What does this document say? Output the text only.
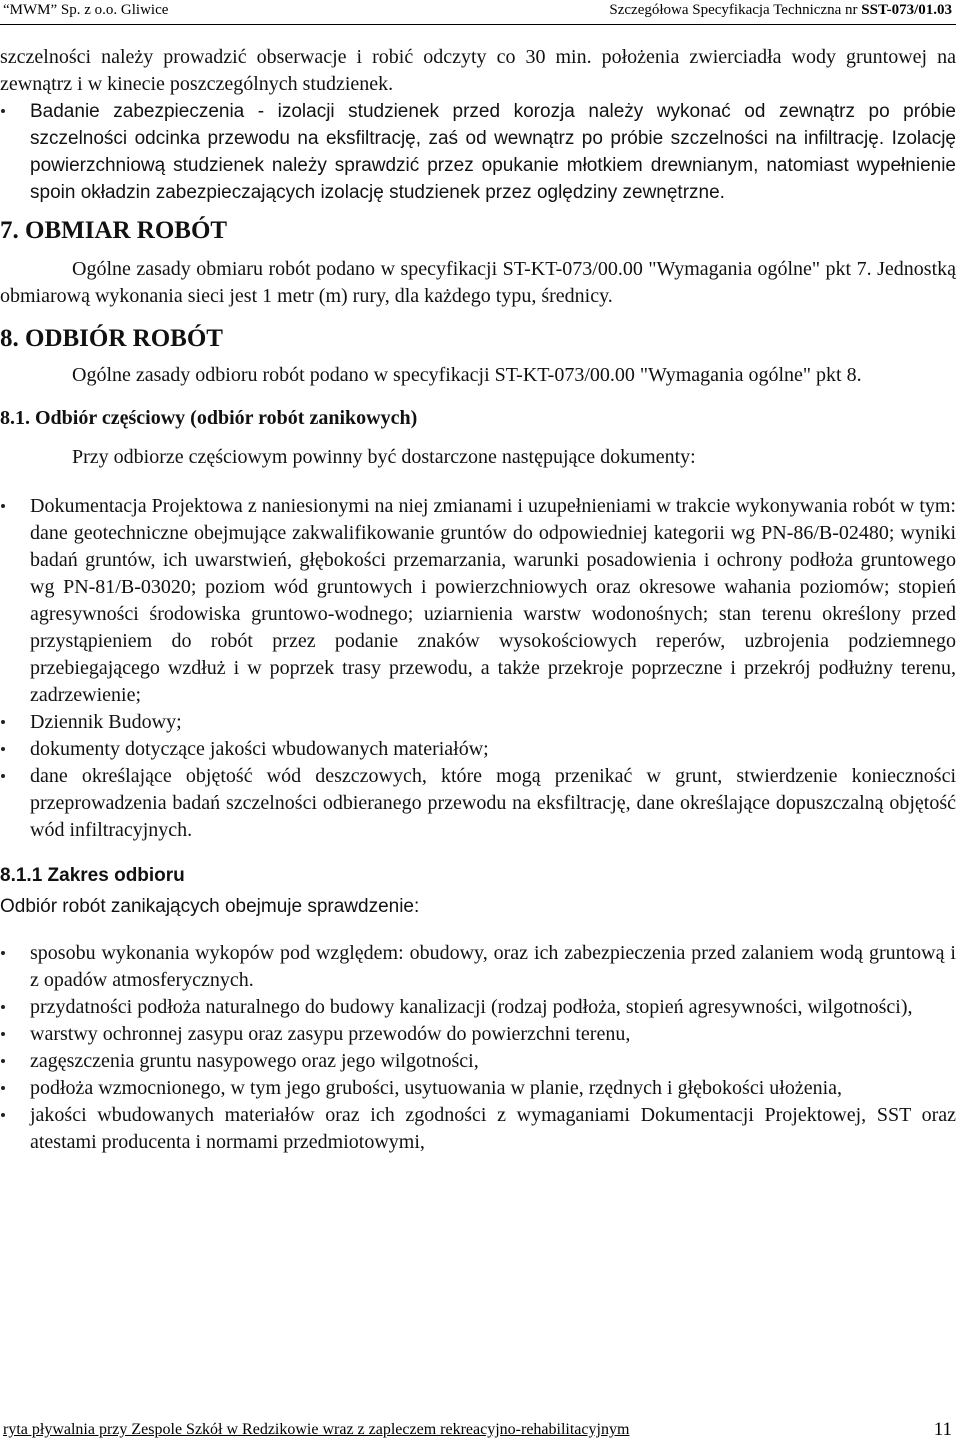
“MWM” Sp. z o.o. Gliwice	Szczegółowa Specyfikacja Techniczna nr SST-073/01.03

szczelności należy prowadzić obserwacje i robić odczyty co 30 min. położenia zwierciadła wody gruntowej na zewnątrz i w kinecie poszczególnych studzienek.

Badanie zabezpieczenia - izolacji studzienek przed korozja należy wykonać od zewnątrz po próbie szczelności odcinka przewodu na eksfiltrację, zaś od wewnątrz po próbie szczelności na infiltrację. Izolację powierzchniową studzienek należy sprawdzić przez opukanie młotkiem drewnianym, natomiast wypełnienie spoin okładzin zabezpieczających izolację studzienek przez oględziny zewnętrzne.

7. OBMIAR ROBÓT

Ogólne zasady obmiaru robót podano w specyfikacji ST-KT-073/00.00 "Wymagania ogólne" pkt 7. Jednostką obmiarową wykonania sieci jest 1 metr (m) rury, dla każdego typu, średnicy.

8. ODBIÓR ROBÓT

Ogólne zasady odbioru robót podano w specyfikacji ST-KT-073/00.00 "Wymagania ogólne" pkt 8.

8.1. Odbiór częściowy (odbiór robót zanikowych)

Przy odbiorze częściowym powinny być dostarczone następujące dokumenty:

Dokumentacja Projektowa z naniesionymi na niej zmianami i uzupełnieniami w trakcie wykonywania robót w tym: dane geotechniczne obejmujące zakwalifikowanie gruntów do odpowiedniej kategorii wg PN-86/B-02480; wyniki badań gruntów, ich uwarstwień, głębokości przemarzania, warunki posadowienia i ochrony podłoża gruntowego wg PN-81/B-03020; poziom wód gruntowych i powierzchniowych oraz okresowe wahania poziomów; stopień agresywności środowiska gruntowo-wodnego; uziarnienia warstw wodonośnych; stan terenu określony przed przystąpieniem do robót przez podanie znaków wysokościowych reperów, uzbrojenia podziemnego przebiegającego wzdłuż i w poprzek trasy przewodu, a także przekroje poprzeczne i przekrój podłużny terenu, zadrzewienie;

Dziennik Budowy;

dokumenty dotyczące jakości wbudowanych materiałów;

dane określające objętość wód deszczowych, które mogą przenikać w grunt, stwierdzenie konieczności przeprowadzenia badań szczelności odbieranego przewodu na eksfiltrację, dane określające dopuszczalną objętość wód infiltracyjnych.

8.1.1 Zakres odbioru

Odbiór robót zanikających obejmuje sprawdzenie:

sposobu wykonania wykopów pod względem: obudowy, oraz ich zabezpieczenia przed zalaniem wodą gruntową i z opadów atmosferycznych.

przydatności podłoża naturalnego do budowy kanalizacji (rodzaj podłoża, stopień agresywności, wilgotności),

warstwy ochronnej zasypu oraz zasypu przewodów do powierzchni terenu,

zagęszczenia gruntu nasypowego oraz jego wilgotności,

podłoża wzmocnionego, w tym jego grubości, usytuowania w planie, rzędnych i głębokości ułożenia,

jakości wbudowanych materiałów oraz ich zgodności z wymaganiami Dokumentacji Projektowej, SST oraz atestami producenta i normami przedmiotowymi,

ryta pływalnia przy Zespole Szkół w Redzikowie wraz z zapleczem rekreacyjno-rehabilitacyjnym	11
